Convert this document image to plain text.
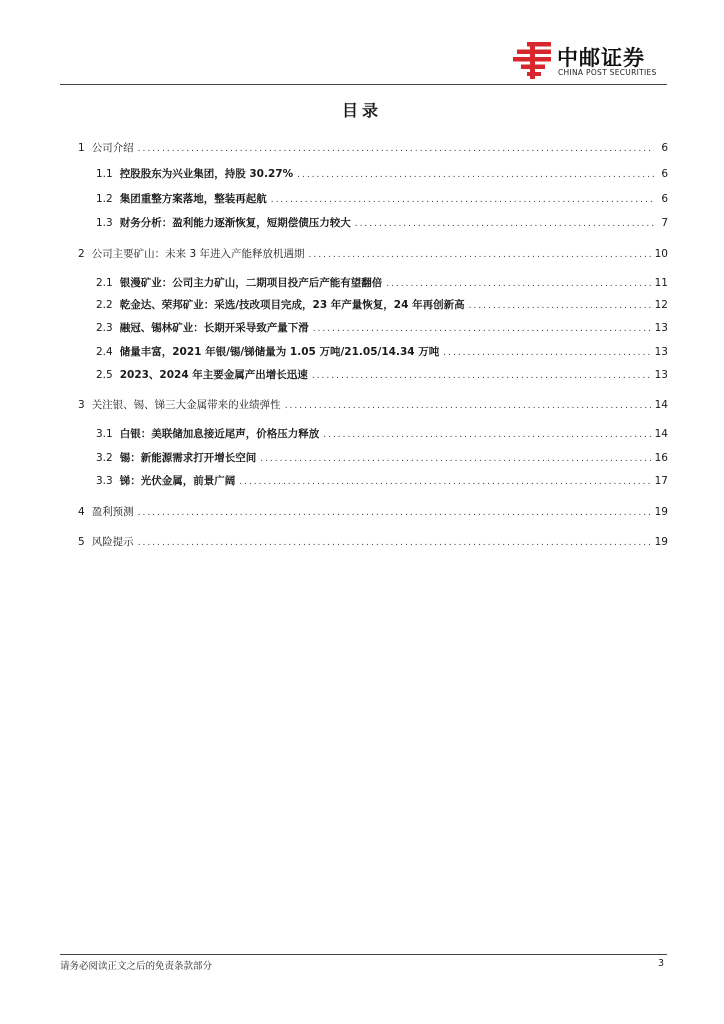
中邮证券
CHINA POST SECURITIES
目录
1 公司介绍 .....	6
1.1 控股股东为兴业集团，持股 30.27% .....	6
1.2 集团重整方案落地，整装再起航 .....	6
1.3 财务分析：盈利能力逐渐恢复，短期偿债压力较大 .....	7
2 公司主要矿山：未来 3 年进入产能释放机遇期 .....	10
2.1 银漫矿业：公司主力矿山，二期项目投产后产能有望翻倍 .....	11
2.2 乾金达、荣邦矿业：采选/技改项目完成，23 年产量恢复，24 年再创新高 .....	12
2.3 融冠、锡林矿业：长期开采导致产量下滑 .....	13
2.4 储量丰富，2021 年银/锡/锑储量为 1.05 万吨/21.05/14.34 万吨 .....	13
2.5 2023、2024 年主要金属产出增长迅速 .....	13
3 关注银、锡、锑三大金属带来的业绩弹性 .....	14
3.1 白银：美联储加息接近尾声，价格压力释放 .....	14
3.2 锡：新能源需求打开增长空间 .....	16
3.3 锑：光伏金属，前景广阔 .....	17
4 盈利预测 .....	19
5 风险提示 .....	19
请务必阅读正文之后的免责条款部分	3
